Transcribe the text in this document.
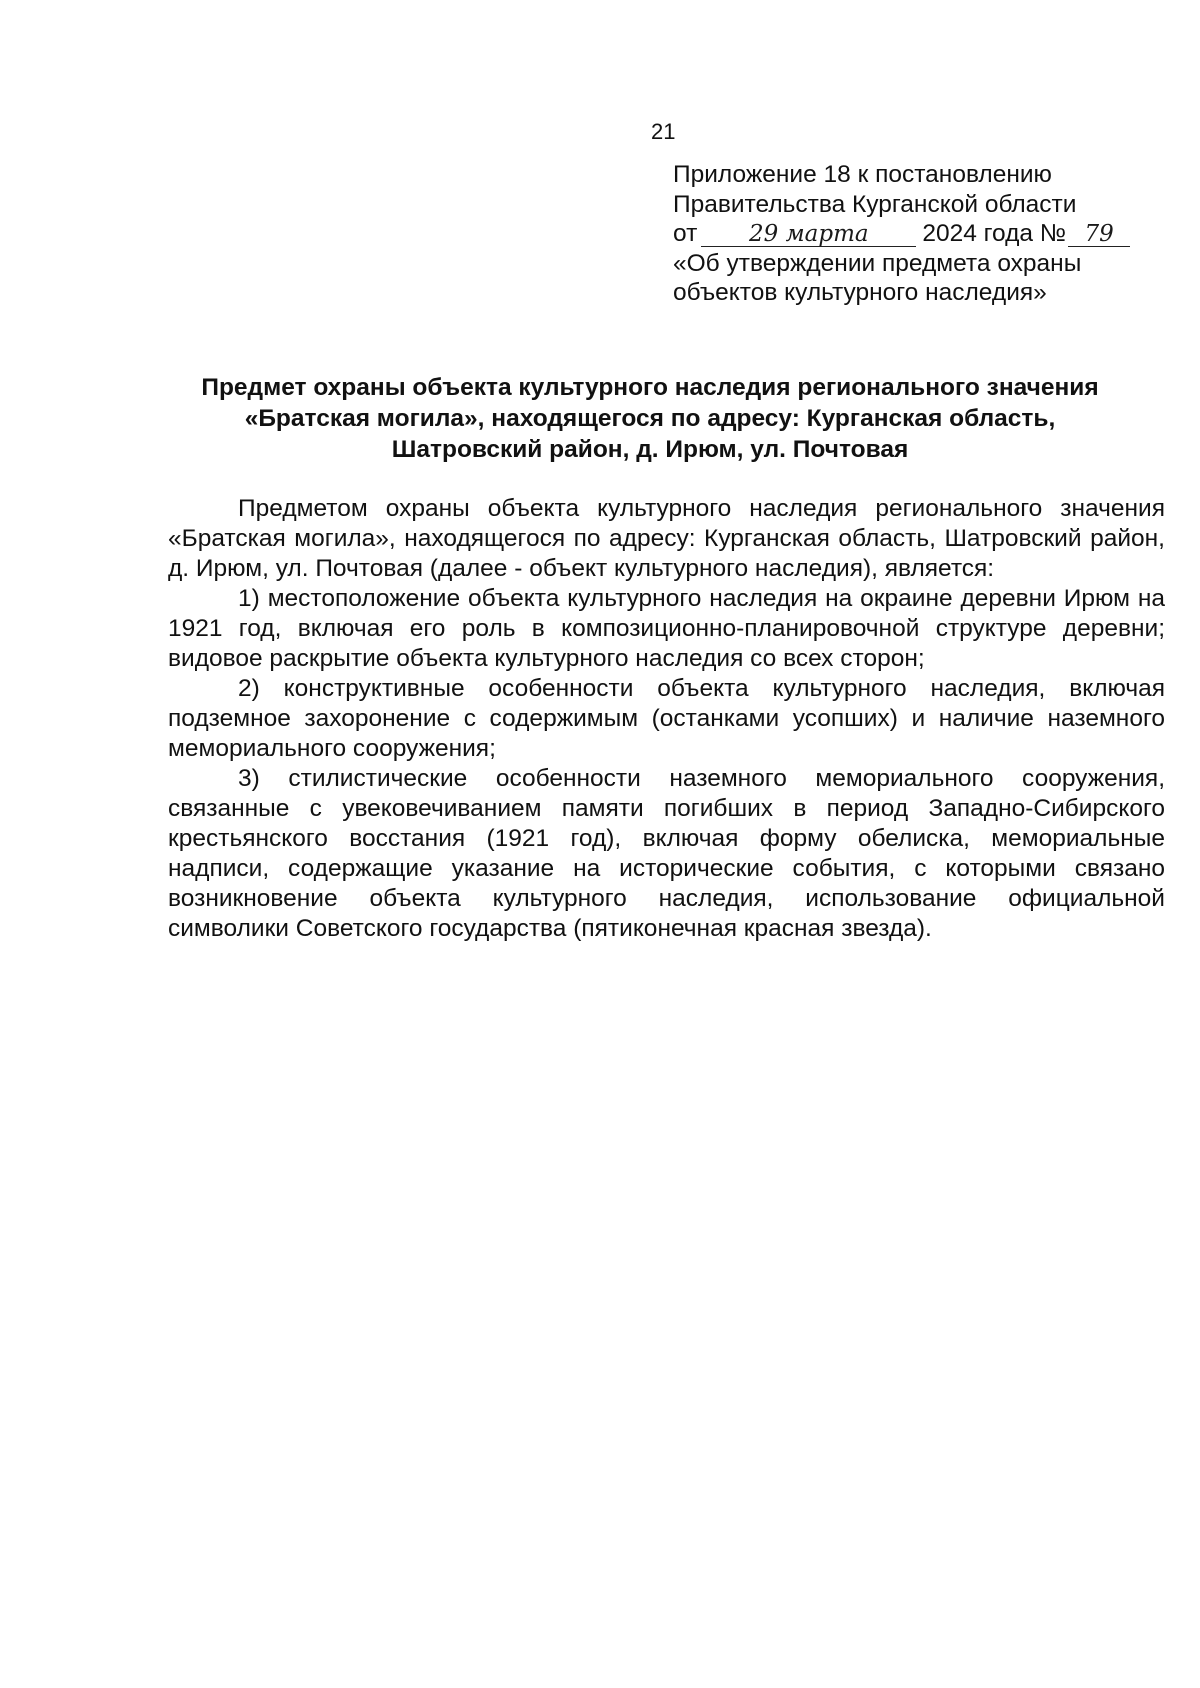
21
Приложение 18 к постановлению
Правительства Курганской области
от 29 марта 2024 года № 79
«Об утверждении предмета охраны
объектов культурного наследия»
Предмет охраны объекта культурного наследия регионального значения
«Братская могила», находящегося по адресу: Курганская область,
Шатровский район, д. Ирюм, ул. Почтовая

Предметом охраны объекта культурного наследия регионального значения «Братская могила», находящегося по адресу: Курганская область, Шатровский район, д. Ирюм, ул. Почтовая (далее - объект культурного наследия), является:

1) местоположение объекта культурного наследия на окраине деревни Ирюм на 1921 год, включая его роль в композиционно-планировочной структуре деревни; видовое раскрытие объекта культурного наследия со всех сторон;

2) конструктивные особенности объекта культурного наследия, включая подземное захоронение с содержимым (останками усопших) и наличие наземного мемориального сооружения;

3) стилистические особенности наземного мемориального сооружения, связанные с увековечиванием памяти погибших в период Западно-Сибирского крестьянского восстания (1921 год), включая форму обелиска, мемориальные надписи, содержащие указание на исторические события, с которыми связано возникновение объекта культурного наследия, использование официальной символики Советского государства (пятиконечная красная звезда).
